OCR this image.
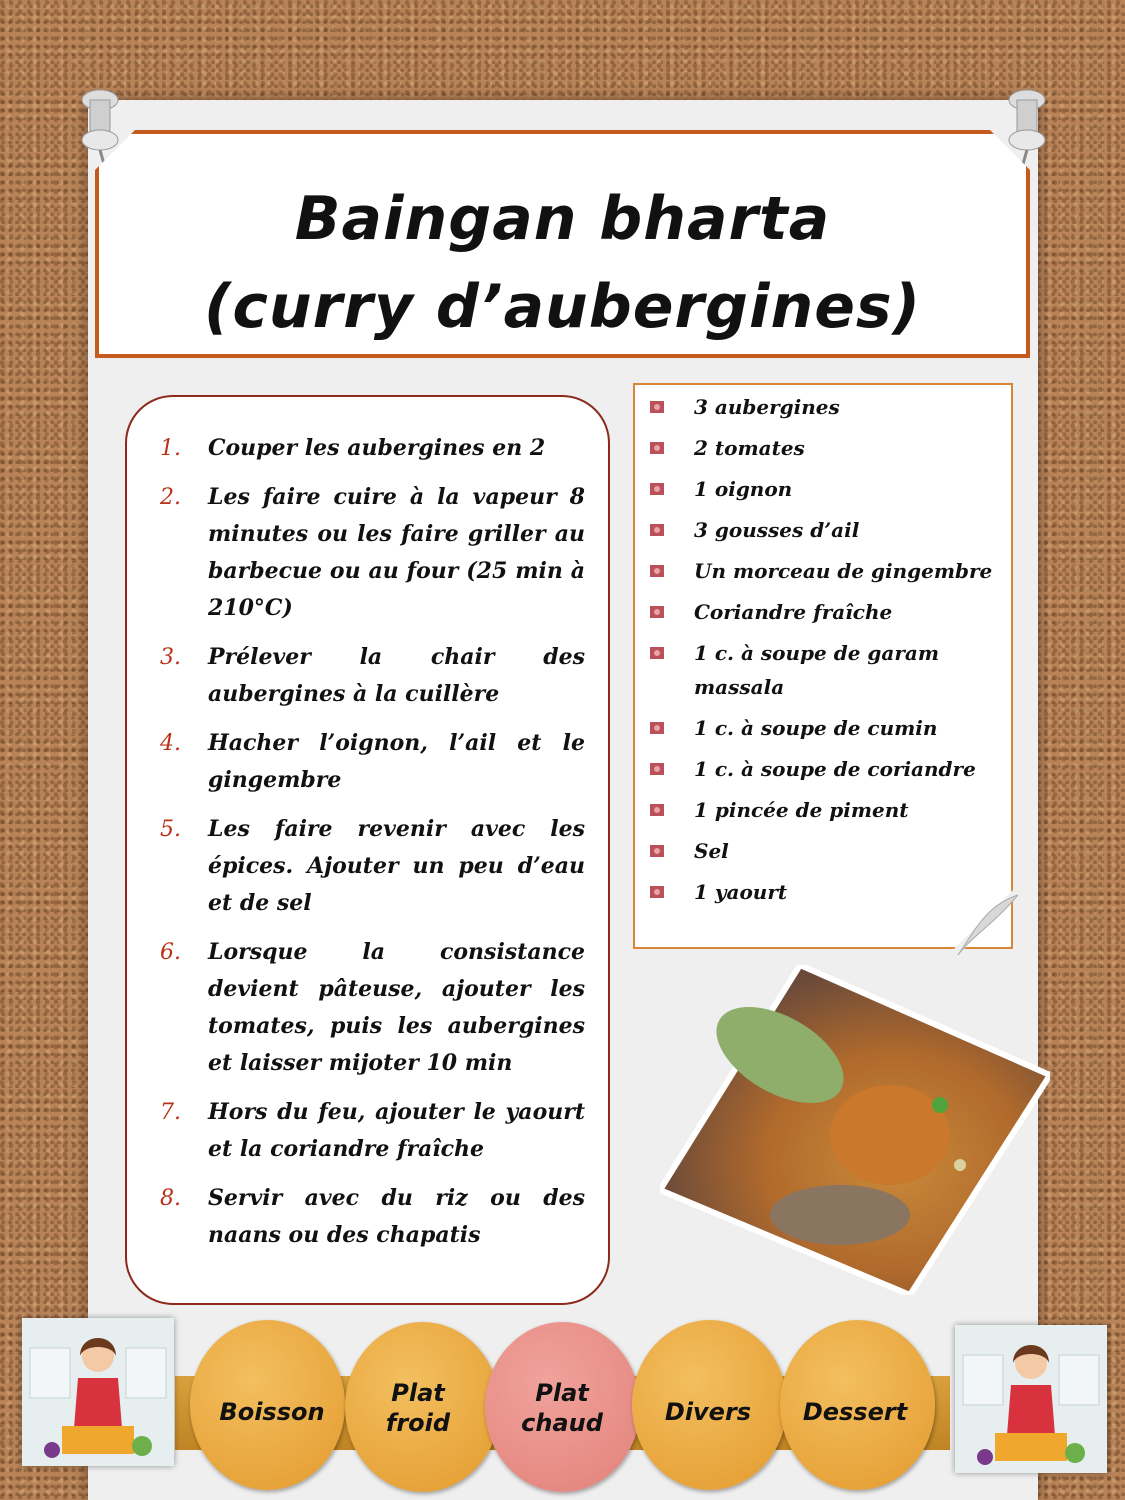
Baingan bharta
(curry d’aubergines)
1. Couper les aubergines en 2
2. Les faire cuire à la vapeur 8 minutes ou les faire griller au barbecue ou au four (25 min à 210°C)
3. Prélever la chair des aubergines à la cuillère
4. Hacher l’oignon, l’ail et le gingembre
5. Les faire revenir avec les épices. Ajouter un peu d’eau et de sel
6. Lorsque la consistance devient pâteuse, ajouter les tomates, puis les aubergines et laisser mijoter 10 min
7. Hors du feu, ajouter le yaourt et la coriandre fraîche
8. Servir avec du riz ou des naans ou des chapatis
3 aubergines
2 tomates
1 oignon
3 gousses d’ail
Un morceau de gingembre
Coriandre fraîche
1 c. à soupe de garam massala
1 c. à soupe de cumin
1 c. à soupe de coriandre
1 pincée de piment
Sel
1 yaourt
Boisson
Plat
froid
Plat
chaud	Divers	Dessert
